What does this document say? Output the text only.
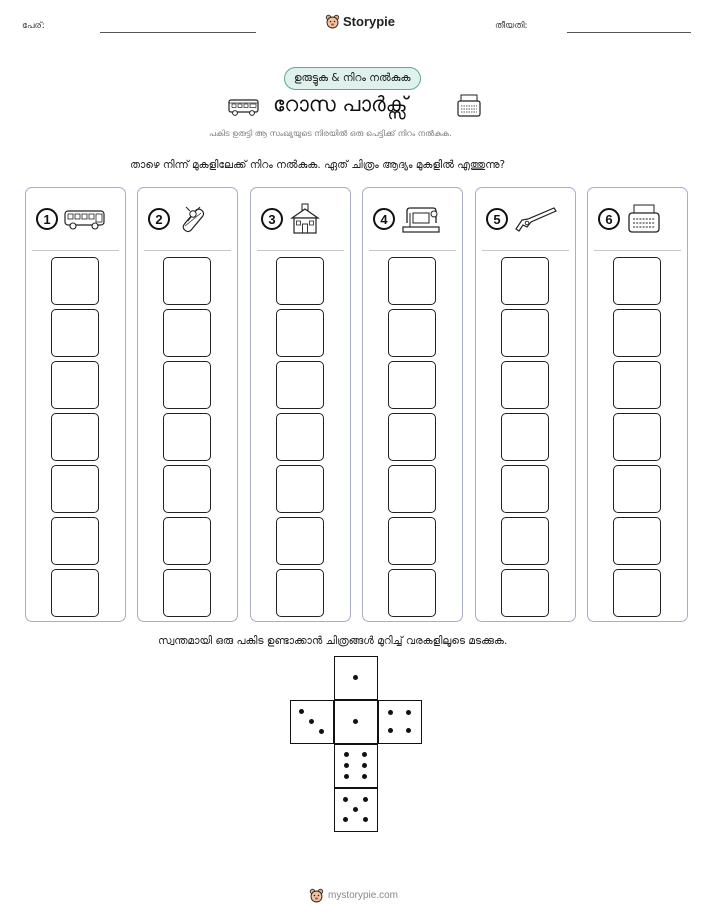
പേര്:	Storypie	തീയതി:
ഉരുട്ടുക & നിറം നൽകുക
റോസ പാർക്സ്
പകിട ഉരുട്ടി ആ സംഖ്യയുടെ നിരയിൽ ഒരു പെട്ടിക്ക് നിറം നൽകുക.
താഴെ നിന്ന് മുകളിലേക്ക് നിറം നൽകുക. ഏത് ചിത്രം ആദ്യം മുകളിൽ എത്തുന്നു?
1	2	3	4	5	6
സ്വന്തമായി ഒരു പകിട ഉണ്ടാക്കാൻ ചിത്രങ്ങൾ മുറിച്ച് വരകളിലൂടെ മടക്കുക.
mystorypie.com
